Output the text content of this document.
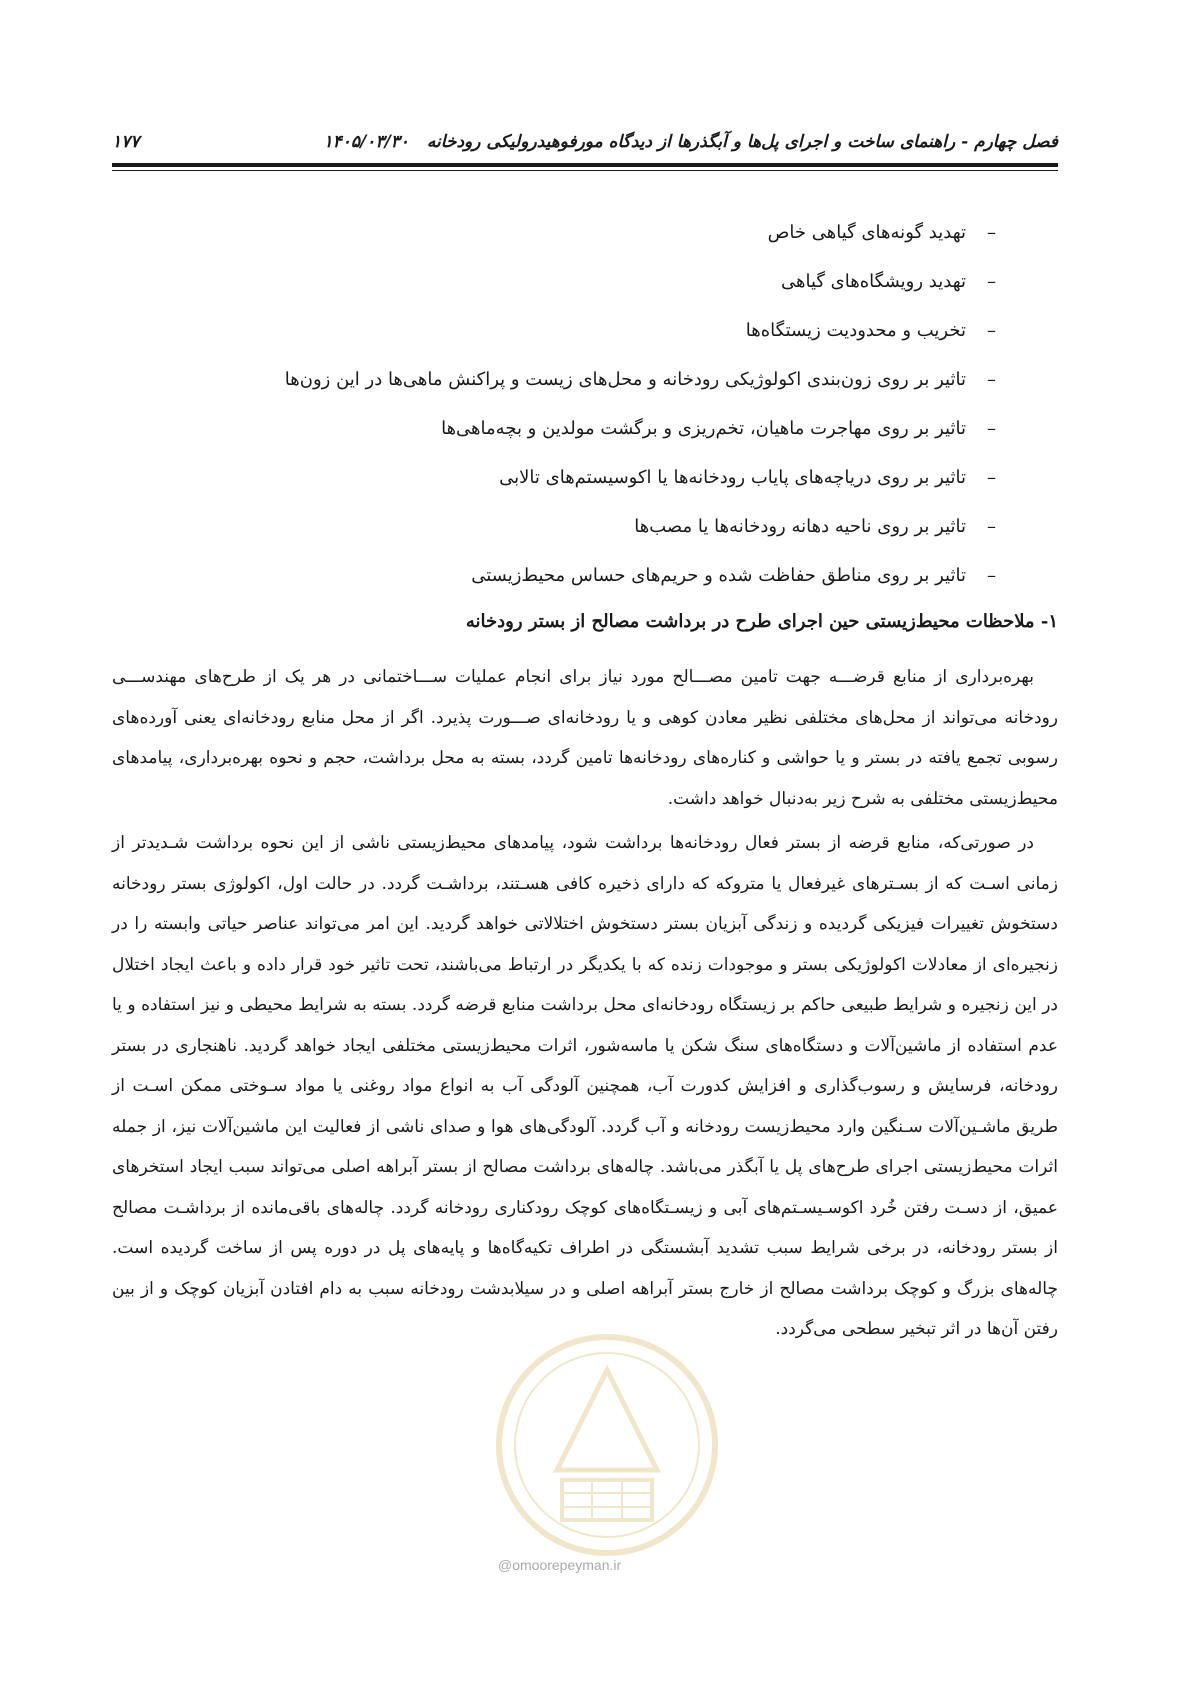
فصل چهارم - راهنمای ساخت و اجرای پل‌ها و آبگذرها از دیدگاه مورفوهیدرولیکی رودخانه۱۴۰۵/۰۳/۳۰
۱۷۷
–
تهدید گونه‌های گیاهی خاص
–
تهدید رویشگاه‌های گیاهی
–
تخریب و محدودیت زیستگاه‌ها
–
تاثیر بر روی زون‌بندی اکولوژیکی رودخانه و محل‌های زیست و پراکنش ماهی‌ها در این زون‌ها
–
تاثیر بر روی مهاجرت ماهیان، تخم‌ریزی و برگشت مولدین و بچه‌ماهی‌ها
–
تاثیر بر روی دریاچه‌های پایاب رودخانه‌ها یا اکوسیستم‌های تالابی
–
تاثیر بر روی ناحیه دهانه رودخانه‌ها یا مصب‌ها
–
تاثیر بر روی مناطق حفاظت شده و حریم‌های حساس محیط‌زیستی
۱- ملاحظات محیط‌زیستی حین اجرای طرح در برداشت مصالح از بستر رودخانه

بهره‌برداری از منابع قرضـــه جهت تامین مصـــالح مورد نیاز برای انجام عملیات ســـاختمانی در هر یک از طرح‌های مهندســـی رودخانه می‌تواند از محل‌های مختلفی نظیر معادن کوهی و یا رودخانه‌ای صـــورت پذیرد. اگر از محل منابع رودخانه‌ای یعنی آورده‌های رسوبی تجمع یافته در بستر و یا حواشی و کناره‌های رودخانه‌ها تامین گردد، بسته به محل برداشت، حجم و نحوه بهره‌برداری، پیامدهای محیط‌زیستی مختلفی به شرح زیر به‌دنبال خواهد داشت.

در صورتی‌که، منابع قرضه از بستر فعال رودخانه‌ها برداشت شود، پیامدهای محیط‌زیستی ناشی از این نحوه برداشت شـدیدتر از زمانی اسـت که از بسـترهای غیرفعال یا متروکه که دارای ذخیره کافی هسـتند، برداشـت گردد. در حالت اول، اکولوژی بستر رودخانه دستخوش تغییرات فیزیکی گردیده و زندگی آبزیان بستر دستخوش اختلالاتی خواهد گردید. این امر می‌تواند عناصر حیاتی وابسته را در زنجیره‌ای از معادلات اکولوژیکی بستر و موجودات زنده که با یکدیگر در ارتباط می‌باشند، تحت تاثیر خود قرار داده و باعث ایجاد اختلال در این زنجیره و شرایط طبیعی حاکم بر زیستگاه رودخانه‌ای محل برداشت منابع قرضه گردد. بسته به شرایط محیطی و نیز استفاده و یا عدم استفاده از ماشین‌آلات و دستگاه‌های سنگ شکن یا ماسه‌شور، اثرات محیط‌زیستی مختلفی ایجاد خواهد گردید. ناهنجاری در بستر رودخانه، فرسایش و رسوب‌گذاری و افزایش کدورت آب، همچنین آلودگی آب به انواع مواد روغنی یا مواد سـوختی ممکن اسـت از طریق ماشـین‌آلات سـنگین وارد محیط‌زیست رودخانه و آب گردد. آلودگی‌های هوا و صدای ناشی از فعالیت این ماشین‌آلات نیز، از جمله اثرات محیط‌زیستی اجرای طرح‌های پل یا آبگذر می‌باشد. چاله‌های برداشت مصالح از بستر آبراهه اصلی می‌تواند سبب ایجاد استخرهای عمیق، از دسـت رفتن خُرد اکوسـیسـتم‌های آبی و زیسـتگاه‌های کوچک رودکناری رودخانه گردد. چاله‌های باقی‌مانده از برداشـت مصالح از بستر رودخانه، در برخی شرایط سبب تشدید آبشستگی در اطراف تکیه‌گاه‌ها و پایه‌های پل در دوره پس از ساخت گردیده است. چاله‌های بزرگ و کوچک برداشت مصالح از خارج بستر آبراهه اصلی و در سیلابدشت رودخانه سبب به دام افتادن آبزیان کوچک و از بین رفتن آن‌ها در اثر تبخیر سطحی می‌گردد.

@omoorepeyman.ir
